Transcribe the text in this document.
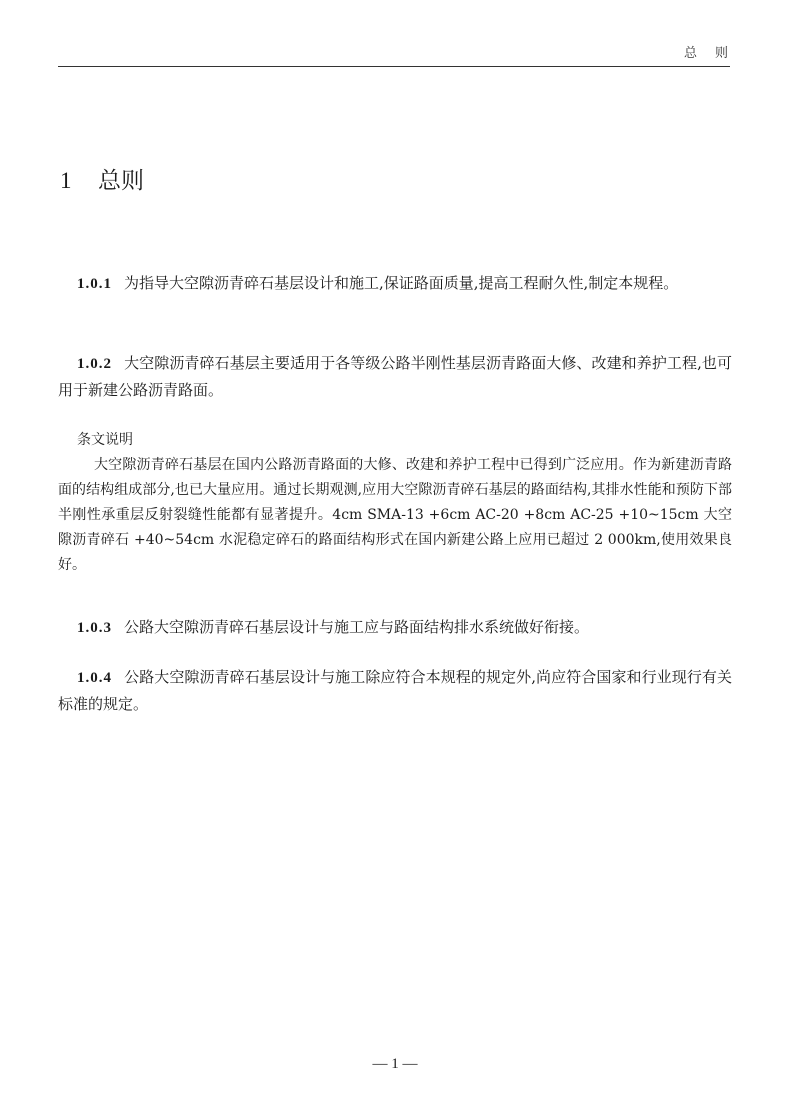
总则
1 总则
1.0.1 为指导大空隙沥青碎石基层设计和施工,保证路面质量,提高工程耐久性,制定本规程。
1.0.2 大空隙沥青碎石基层主要适用于各等级公路半刚性基层沥青路面大修、改建和养护工程,也可用于新建公路沥青路面。
条文说明
大空隙沥青碎石基层在国内公路沥青路面的大修、改建和养护工程中已得到广泛应用。作为新建沥青路面的结构组成部分,也已大量应用。通过长期观测,应用大空隙沥青碎石基层的路面结构,其排水性能和预防下部半刚性承重层反射裂缝性能都有显著提升。4cm SMA-13 +6cm AC-20 +8cm AC-25 +10~15cm 大空隙沥青碎石 +40~54cm 水泥稳定碎石的路面结构形式在国内新建公路上应用已超过 2 000km,使用效果良好。
1.0.3 公路大空隙沥青碎石基层设计与施工应与路面结构排水系统做好衔接。
1.0.4 公路大空隙沥青碎石基层设计与施工除应符合本规程的规定外,尚应符合国家和行业现行有关标准的规定。
— 1 —
